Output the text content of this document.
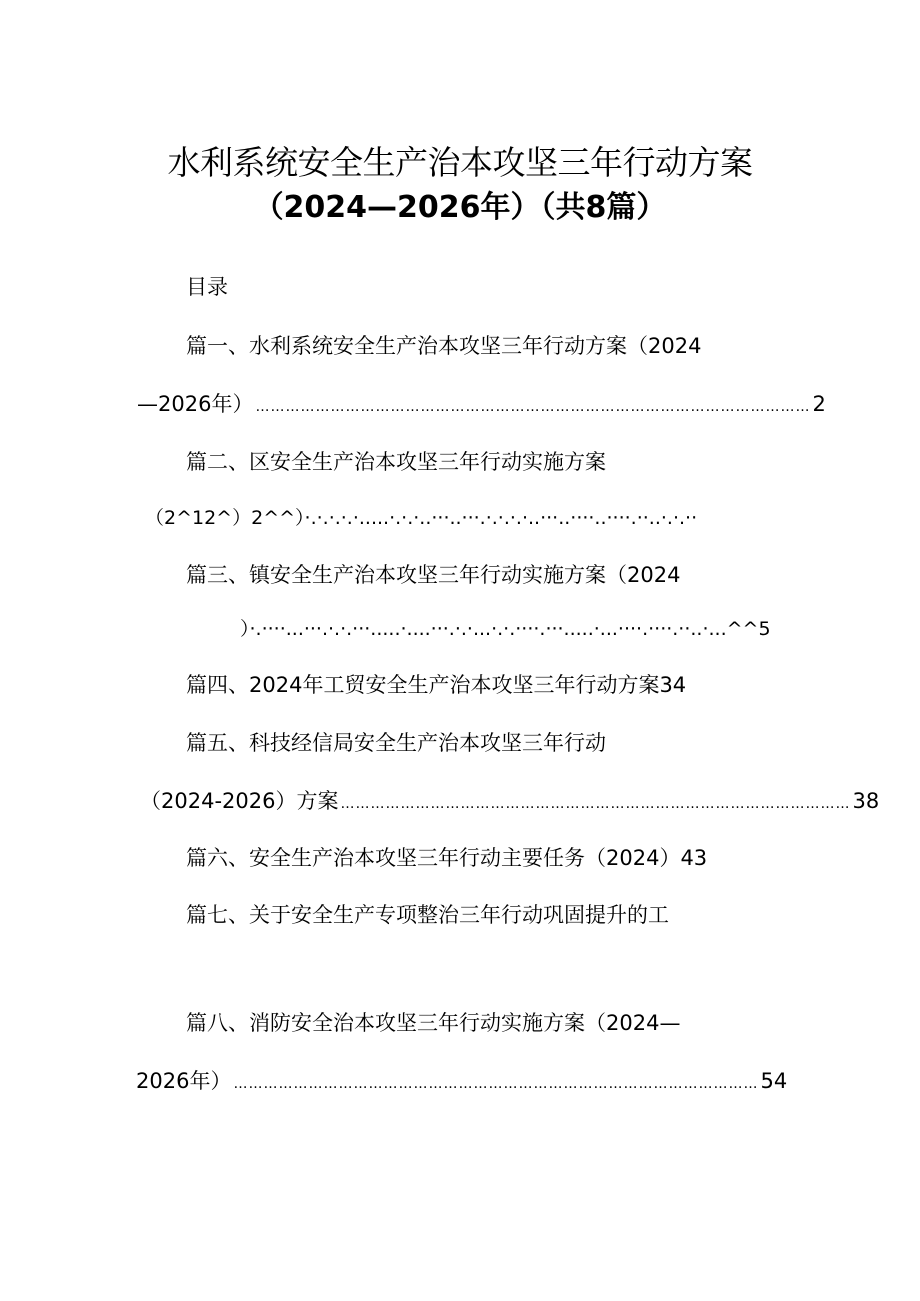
水利系统安全生产治本攻坚三年行动方案
（2024—2026年）（共8篇）
目录
篇一、水利系统安全生产治本攻坚三年行动方案（2024
—2026年） ………………………………………………………………………………………………… 2
篇二、区安全生产治本攻坚三年行动实施方案
（2^12^）2^^）·.·.·.·.·.....·.·.·..···..···.·.·.·.·..···..····..····.··..·.·.··
篇三、镇安全生产治本攻坚三年行动实施方案（2024
）·.····...···.·.·.···.....·....···.·.·...·.·.····.···.....·...····.····.··..·...^^5
篇四、2024年工贸安全生产治本攻坚三年行动方案34
篇五、科技经信局安全生产治本攻坚三年行动
（2024-2026）方案 ………………………………………………………………………………………… 38
篇六、安全生产治本攻坚三年行动主要任务（2024）43
篇七、关于安全生产专项整治三年行动巩固提升的工
篇八、消防安全治本攻坚三年行动实施方案（2024—
2026年） …………………………………………………………………………………………… 54
